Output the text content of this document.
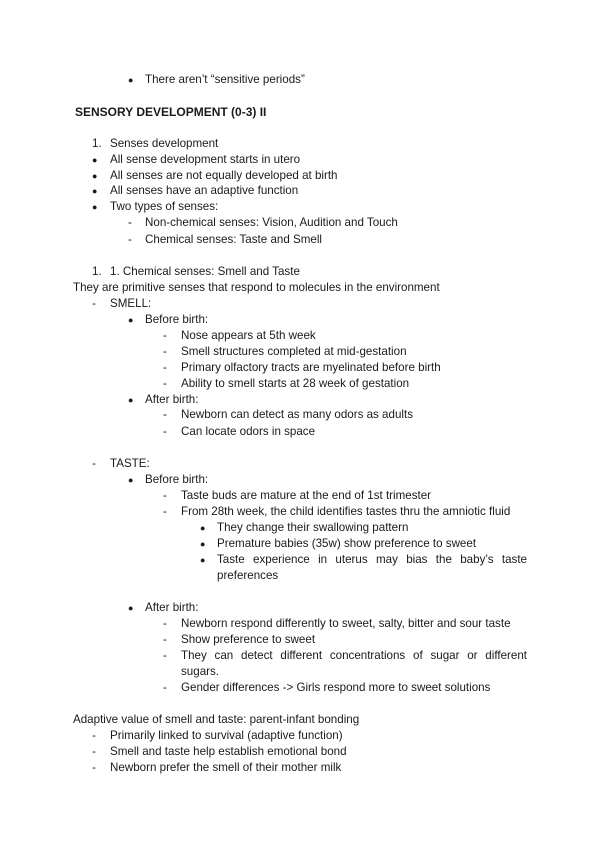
● There aren’t “sensitive periods”
SENSORY DEVELOPMENT (0-3) II
1. Senses development
● All sense development starts in utero
● All senses are not equally developed at birth
● All senses have an adaptive function
● Two types of senses:
- Non-chemical senses: Vision, Audition and Touch
- Chemical senses: Taste and Smell
1. 1. Chemical senses: Smell and Taste
They are primitive senses that respond to molecules in the environment
- SMELL:
● Before birth:
- Nose appears at 5th week
- Smell structures completed at mid-gestation
- Primary olfactory tracts are myelinated before birth
- Ability to smell starts at 28 week of gestation
● After birth:
- Newborn can detect as many odors as adults
- Can locate odors in space
- TASTE:
● Before birth:
- Taste buds are mature at the end of 1st trimester
- From 28th week, the child identifies tastes thru the amniotic fluid
● They change their swallowing pattern
● Premature babies (35w) show preference to sweet
● Taste experience in uterus may bias the baby’s taste
preferences
● After birth:
- Newborn respond differently to sweet, salty, bitter and sour taste
- Show preference to sweet
- They can detect different concentrations of sugar or different
sugars.
- Gender differences -> Girls respond more to sweet solutions
Adaptive value of smell and taste: parent-infant bonding
- Primarily linked to survival (adaptive function)
- Smell and taste help establish emotional bond
- Newborn prefer the smell of their mother milk
